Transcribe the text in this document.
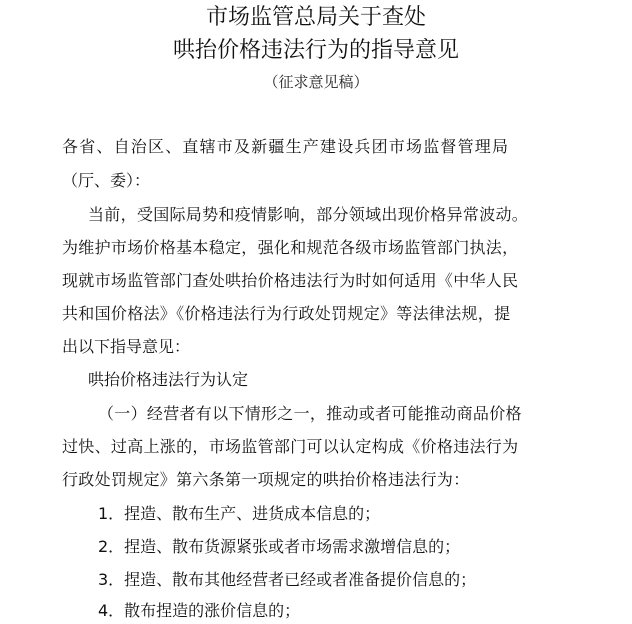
市场监管总局关于查处
哄抬价格违法行为的指导意见
（征求意见稿）
各省、自治区、直辖市及新疆生产建设兵团市场监督管理局
（厅、委）：
当前，受国际局势和疫情影响，部分领域出现价格异常波动。
为维护市场价格基本稳定，强化和规范各级市场监管部门执法，
现就市场监管部门查处哄抬价格违法行为时如何适用《中华人民
共和国价格法》《价格违法行为行政处罚规定》等法律法规，提
出以下指导意见：
哄抬价格违法行为认定
（一）经营者有以下情形之一，推动或者可能推动商品价格
过快、过高上涨的，市场监管部门可以认定构成《价格违法行为
行政处罚规定》第六条第一项规定的哄抬价格违法行为：
1．捏造、散布生产、进货成本信息的；
2．捏造、散布货源紧张或者市场需求激增信息的；
3．捏造、散布其他经营者已经或者准备提价信息的；
4．散布捏造的涨价信息的；
